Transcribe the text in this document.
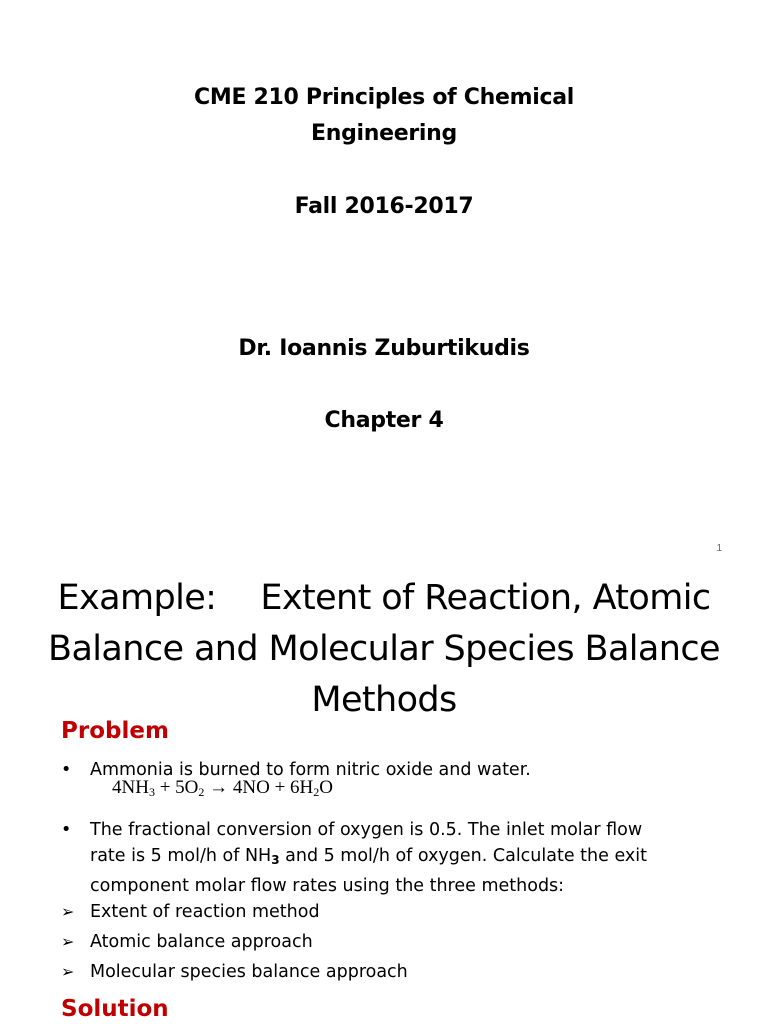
CME 210 Principles of Chemical
Engineering
Fall 2016-2017
Dr. Ioannis Zuburtikudis
Chapter 4
1
Example: Extent of Reaction, Atomic
Balance and Molecular Species Balance
Methods
Problem
• Ammonia is burned to form nitric oxide and water.
$4NH_3 + 5O_2 \to 4NO + 6H_2O$
• The fractional conversion of oxygen is 0.5. The inlet molar flow
rate is 5 mol/h of $NH_3$ and 5 mol/h of oxygen. Calculate the exit
component molar flow rates using the three methods:
➢ Extent of reaction method
➢ Atomic balance approach
➢ Molecular species balance approach
Solution
